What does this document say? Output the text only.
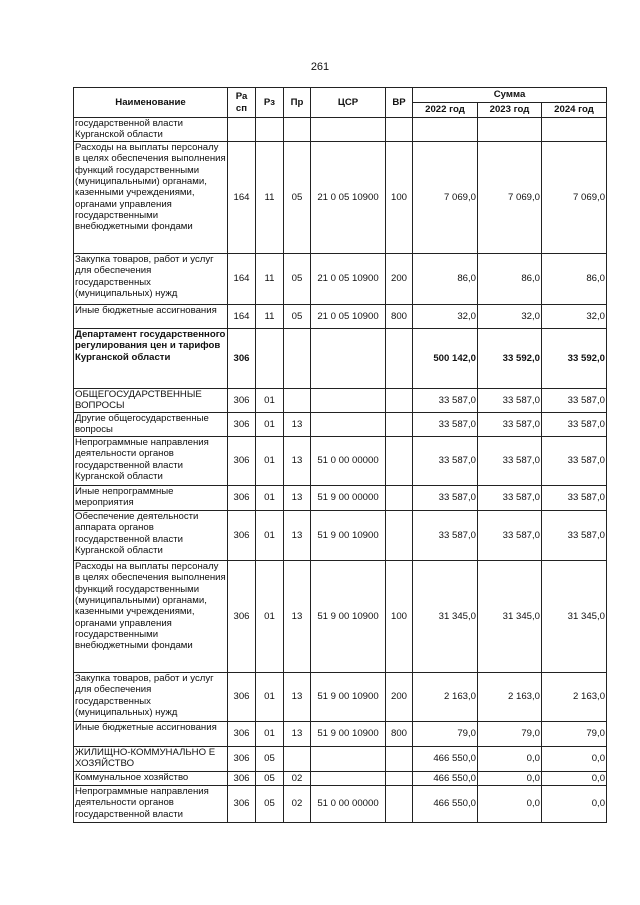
261
Наименование	Ра сп	Рз	Пр	ЦСР	ВР	Сумма		
						2022 год	2023 год	2024 год
государственной власти Курганской области								
Расходы на выплаты персоналу в целях обеспечения выполнения функций государственными (муниципальными) органами, казенными учреждениями, органами управления государственными внебюджетными фондами	164	11	05	21 0 05 10900	100	7 069,0	7 069,0	7 069,0
Закупка товаров, работ и услуг для обеспечения государственных (муниципальных) нужд	164	11	05	21 0 05 10900	200	86,0	86,0	86,0
Иные бюджетные ассигнования	164	11	05	21 0 05 10900	800	32,0	32,0	32,0
Департамент государственного регулирования цен и тарифов Курганской области	306					500 142,0	33 592,0	33 592,0
ОБЩЕГОСУДАРСТВЕННЫЕ ВОПРОСЫ	306	01				33 587,0	33 587,0	33 587,0
Другие общегосударственные вопросы	306	01	13			33 587,0	33 587,0	33 587,0
Непрограммные направления деятельности органов государственной власти Курганской области	306	01	13	51 0 00 00000		33 587,0	33 587,0	33 587,0
Иные непрограммные мероприятия	306	01	13	51 9 00 00000		33 587,0	33 587,0	33 587,0
Обеспечение деятельности аппарата органов государственной власти Курганской области	306	01	13	51 9 00 10900		33 587,0	33 587,0	33 587,0
Расходы на выплаты персоналу в целях обеспечения выполнения функций государственными (муниципальными) органами, казенными учреждениями, органами управления государственными внебюджетными фондами	306	01	13	51 9 00 10900	100	31 345,0	31 345,0	31 345,0
Закупка товаров, работ и услуг для обеспечения государственных (муниципальных) нужд	306	01	13	51 9 00 10900	200	2 163,0	2 163,0	2 163,0
Иные бюджетные ассигнования	306	01	13	51 9 00 10900	800	79,0	79,0	79,0
ЖИЛИЩНО-КОММУНАЛЬНО Е ХОЗЯЙСТВО	306	05				466 550,0	0,0	0,0
Коммунальное хозяйство	306	05	02			466 550,0	0,0	0,0
Непрограммные направления деятельности органов государственной власти	306	05	02	51 0 00 00000		466 550,0	0,0	0,0
